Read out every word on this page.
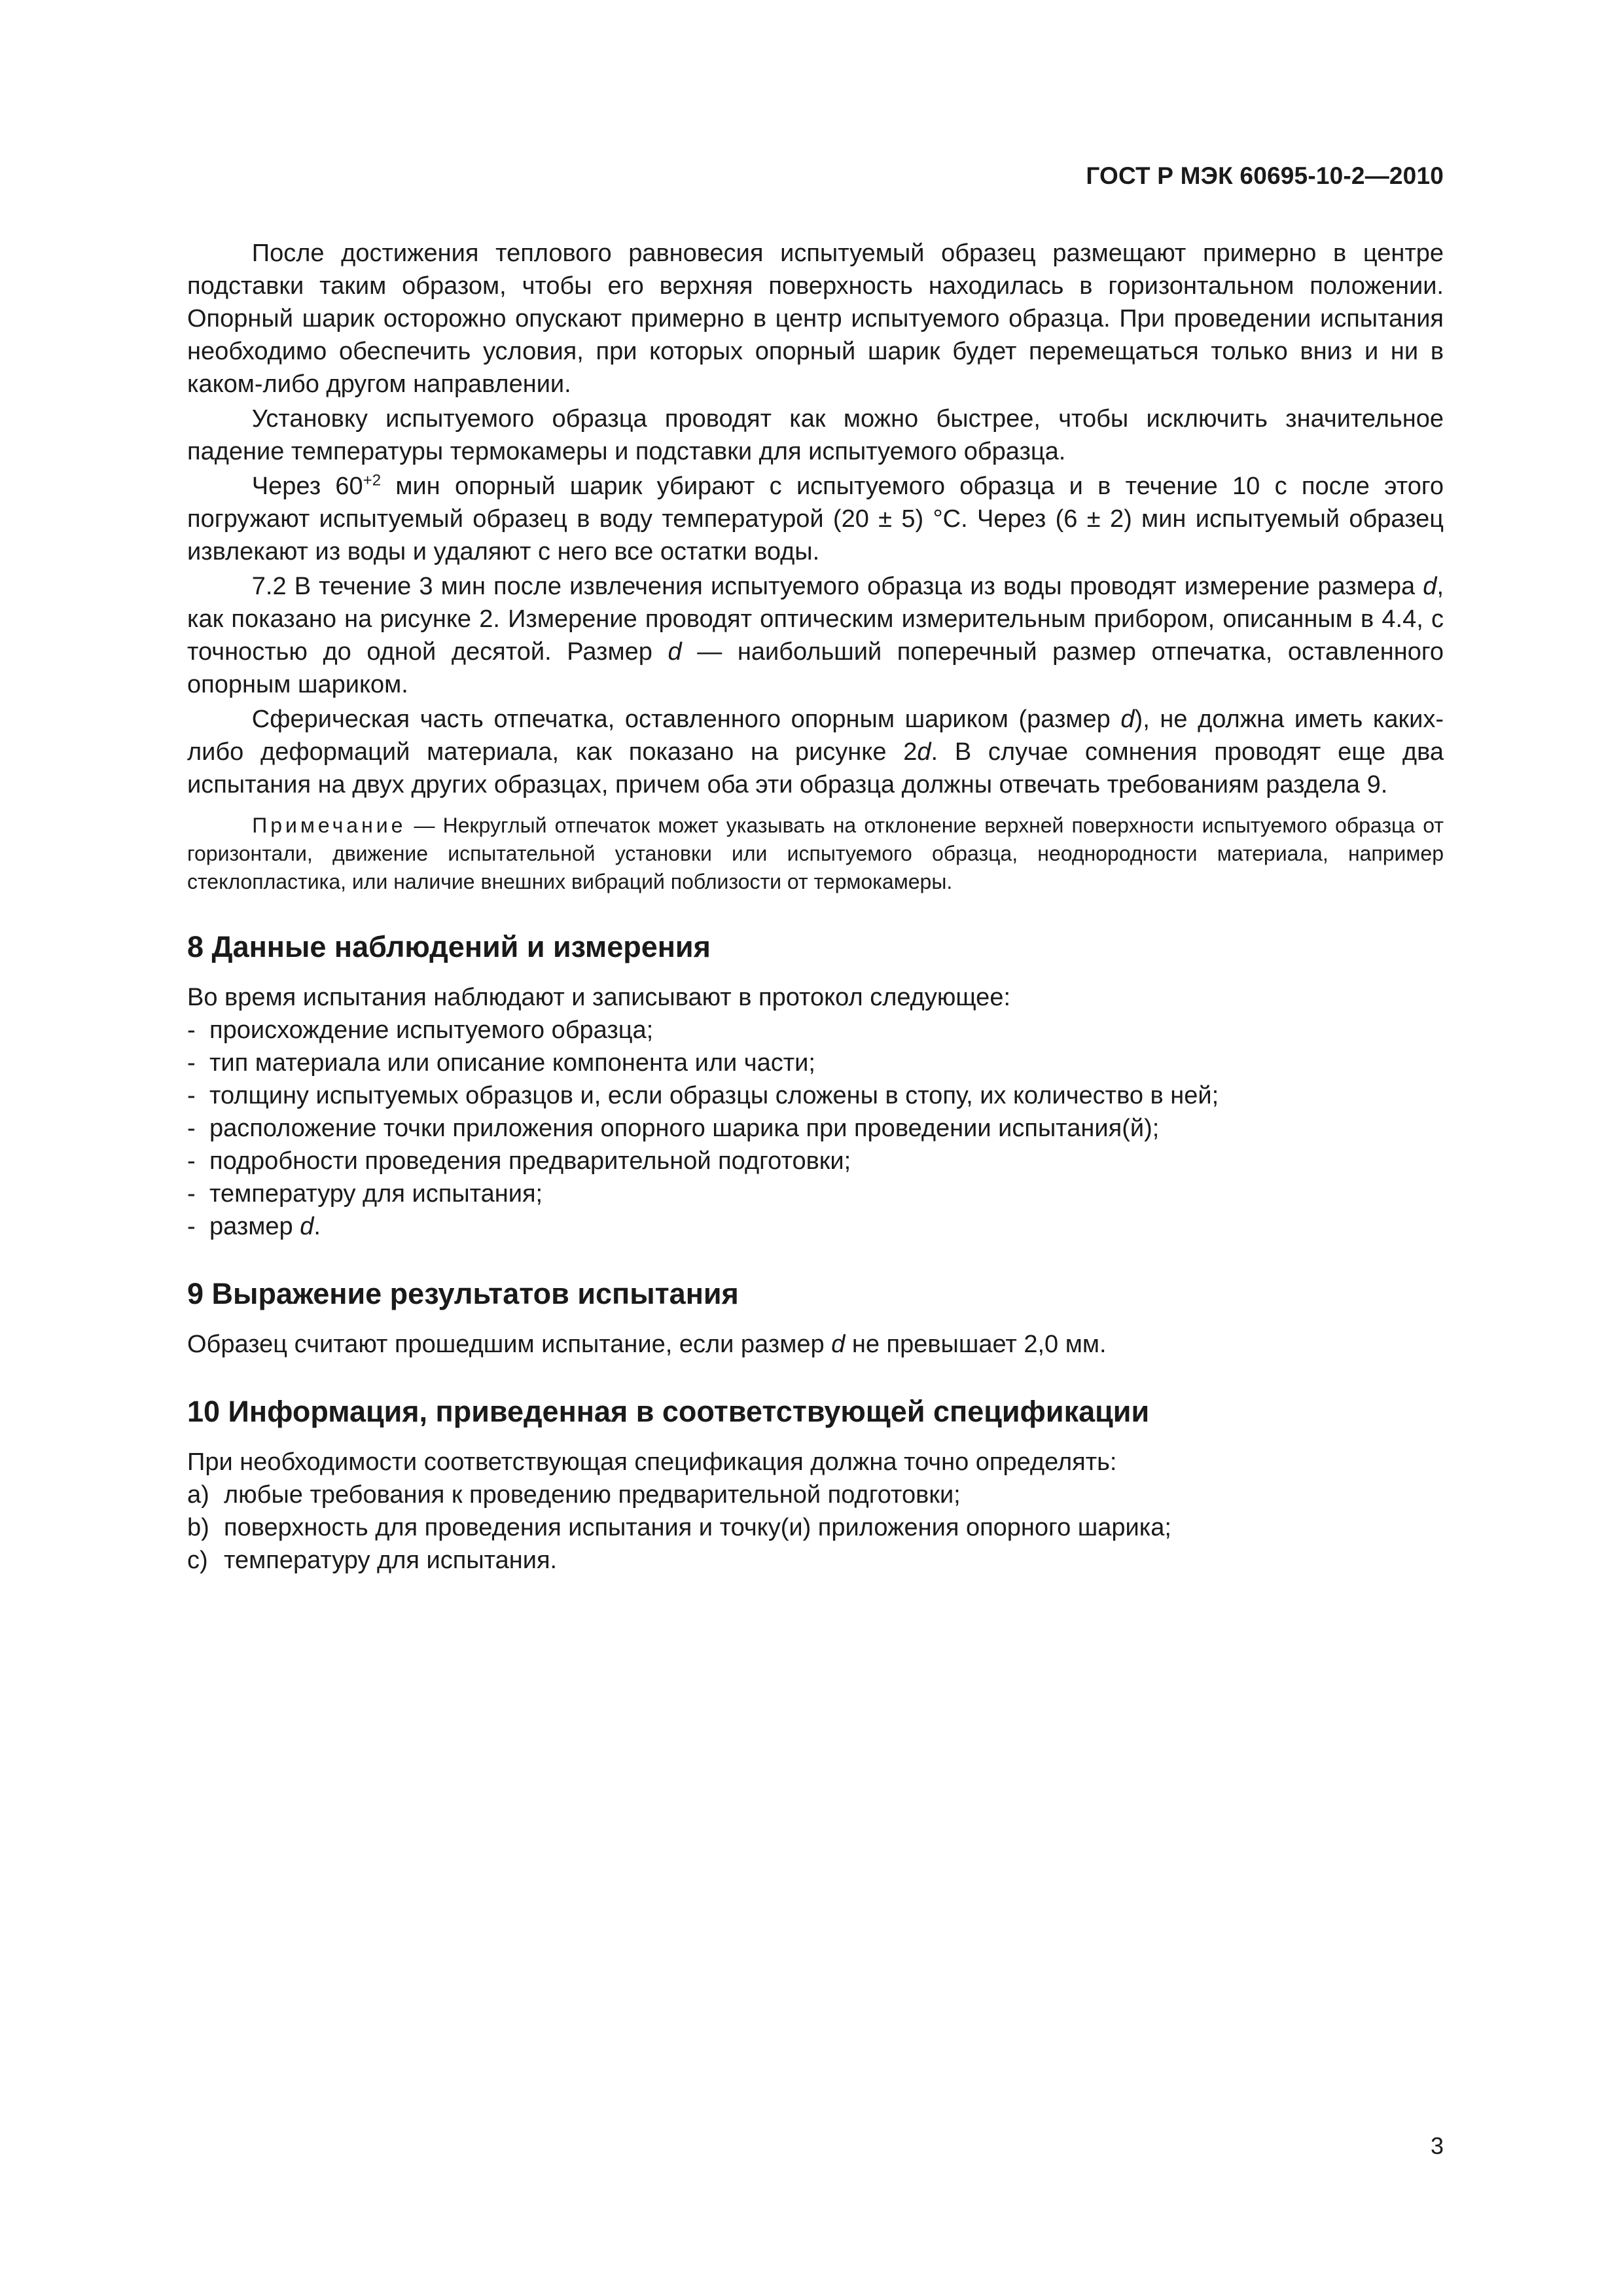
ГОСТ Р МЭК 60695-10-2—2010

После достижения теплового равновесия испытуемый образец размещают примерно в центре подставки таким образом, чтобы его верхняя поверхность находилась в горизонтальном положении. Опорный шарик осторожно опускают примерно в центр испытуемого образца. При проведении испытания необходимо обеспечить условия, при которых опорный шарик будет перемещаться только вниз и ни в каком-либо другом направлении.

Установку испытуемого образца проводят как можно быстрее, чтобы исключить значительное падение температуры термокамеры и подставки для испытуемого образца.

Через $60^{+2}$ мин опорный шарик убирают с испытуемого образца и в течение 10 с после этого погружают испытуемый образец в воду температурой (20 ± 5) °С. Через (6 ± 2) мин испытуемый образец извлекают из воды и удаляют с него все остатки воды.

7.2 В течение 3 мин после извлечения испытуемого образца из воды проводят измерение размера d, как показано на рисунке 2. Измерение проводят оптическим измерительным прибором, описанным в 4.4, с точностью до одной десятой. Размер d — наибольший поперечный размер отпечатка, оставленного опорным шариком.

Сферическая часть отпечатка, оставленного опорным шариком (размер d), не должна иметь каких-либо деформаций материала, как показано на рисунке 2d. В случае сомнения проводят еще два испытания на двух других образцах, причем оба эти образца должны отвечать требованиям раздела 9.

Примечание — Некруглый отпечаток может указывать на отклонение верхней поверхности испытуемого образца от горизонтали, движение испытательной установки или испытуемого образца, неоднородности материала, например стеклопластика, или наличие внешних вибраций поблизости от термокамеры.

8 Данные наблюдений и измерения
Во время испытания наблюдают и записывают в протокол следующее:
- происхождение испытуемого образца;
- тип материала или описание компонента или части;
- толщину испытуемых образцов и, если образцы сложены в стопу, их количество в ней;
- расположение точки приложения опорного шарика при проведении испытания(й);
- подробности проведения предварительной подготовки;
- температуру для испытания;
- размер d.
9 Выражение результатов испытания
Образец считают прошедшим испытание, если размер d не превышает 2,0 мм.
10 Информация, приведенная в соответствующей спецификации
При необходимости соответствующая спецификация должна точно определять:
a) любые требования к проведению предварительной подготовки;
b) поверхность для проведения испытания и точку(и) приложения опорного шарика;
c) температуру для испытания.
3
